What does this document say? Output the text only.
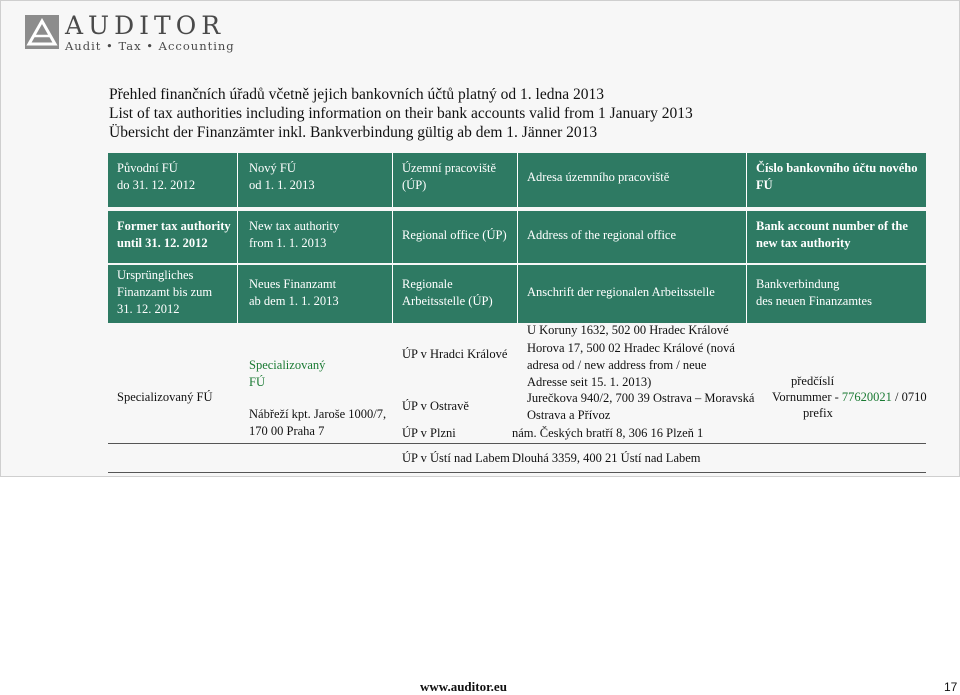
AUDITOR
Audit • Tax • Accounting
Přehled finančních úřadů včetně jejich bankovních účtů platný od 1. ledna 2013
List of tax authorities including information on their bank accounts valid from 1 January 2013
Übersicht der Finanzämter inkl. Bankverbindung gültig ab dem 1. Jänner 2013
Původní FÚ
do 31. 12. 2012
Nový FÚ
od 1. 1. 2013
Územní pracoviště
(ÚP)
Adresa územního pracoviště
Číslo bankovního účtu nového
FÚ
Former tax authority
until 31. 12. 2012
New tax authority
from 1. 1. 2013
Regional office (ÚP) Address of the regional office
Bank account number of the
new tax authority
Ursprüngliches
Finanzamt bis zum
31. 12. 2012
Neues Finanzamt
ab dem 1. 1. 2013
Regionale
Arbeitsstelle (ÚP)
Anschrift der regionalen Arbeitsstelle
Bankverbindung
des neuen Finanzamtes
Specializovaný FÚ
Specializovaný
FÚ
Nábřeží kpt. Jaroše 1000/7,
170 00 Praha 7
ÚP v Hradci Králové
ÚP v Ostravě
ÚP v Plzni
ÚP v Ústí nad Labem
U Koruny 1632, 502 00 Hradec Králové
Horova 17, 500 02 Hradec Králové (nová
adresa od / new address from / neue
Adresse seit 15. 1. 2013)
Jurečkova 940/2, 700 39 Ostrava – Moravská
Ostrava a Přívoz
nám. Českých bratří 8, 306 16 Plzeň 1
Dlouhá 3359, 400 21 Ústí nad Labem
předčíslí
Vornummer - 77620021 / 0710
prefix
www.auditor.eu	17
